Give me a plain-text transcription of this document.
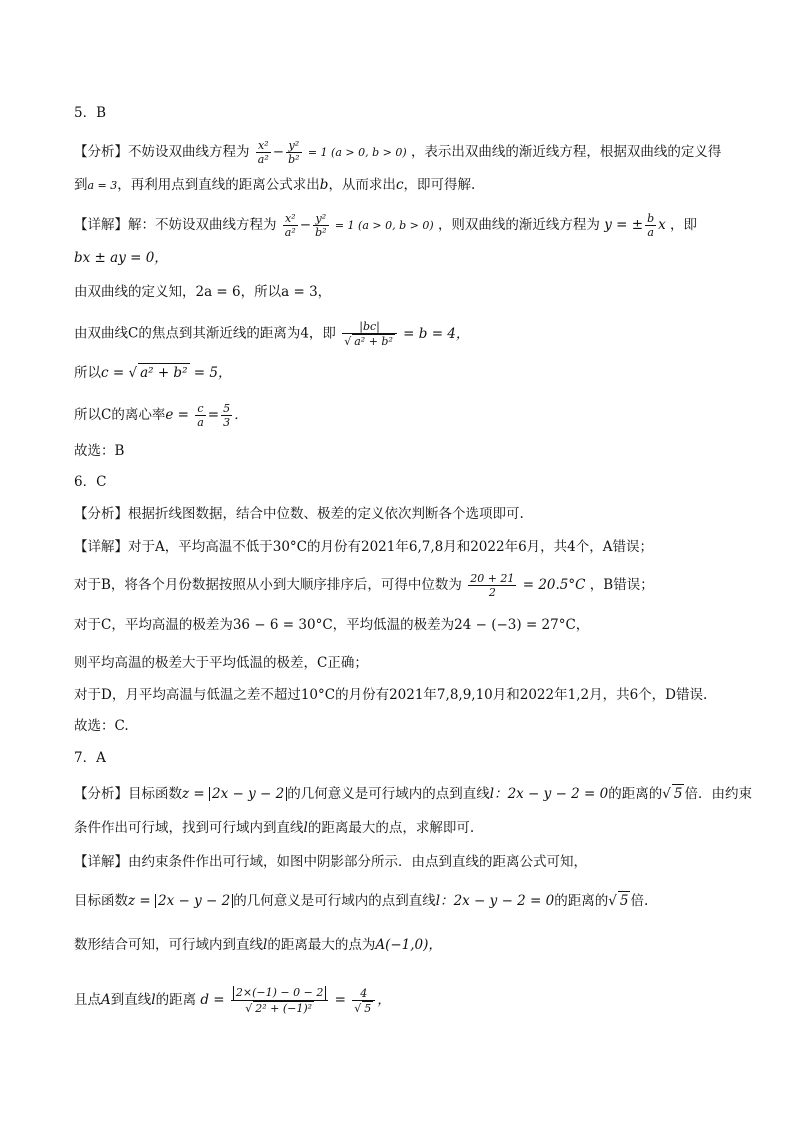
5．B
【分析】不妨设双曲线方程为 $\frac{\text{x²}}{\text{a²}} - \frac{\text{y²}}{\text{b²}} = 1$ (a > 0, b > 0) ，表示出双曲线的渐近线方程，根据双曲线的定义得
到a = 3，再利用点到直线的距离公式求出b，从而求出c，即可得解.
【详解】解：不妨设双曲线方程为 $\frac{\text{x²}}{\text{a²}} - \frac{\text{y²}}{\text{b²}} = 1$ (a > 0, b > 0) ，则双曲线的渐近线方程为 y = ± $\frac{b}{a}$ x ，即
bx ± ay = 0，
由双曲线的定义知，2a = 6，所以a = 3，
由双曲线C的焦点到其渐近线的距离为4，即 $\frac{|bc|}{\text{√ a² + b²}} = b = 4$，
所以c = √ a² + b² = 5，
所以C的离心率$e = \frac{c}{a} = \frac{5}{3}$ ．
故选：B
6．C
【分析】根据折线图数据，结合中位数、极差的定义依次判断各个选项即可.
【详解】对于A，平均高温不低于30°C的月份有2021年6,7,8月和2022年6月，共4个，A错误；
对于B，将各个月份数据按照从小到大顺序排序后，可得中位数为 $\frac{20 + 21}{2} = 20.5^\circ C$ ，B错误；
对于C，平均高温的极差为36 − 6 = 30°C，平均低温的极差为24 − (−3) = 27°C，
则平均高温的极差大于平均低温的极差，C正确；
对于D，月平均高温与低温之差不超过10°C的月份有2021年7,8,9,10月和2022年1,2月，共6个，D错误.
故选：C.
7．A
【分析】目标函数z = 2x − y − 2 的几何意义是可行域内的点到直线l：2x − y − 2 = 0的距离的√ 5 倍．由约束
条件作出可行域，找到可行域内到直线l的距离最大的点，求解即可.
【详解】由约束条件作出可行域，如图中阴影部分所示．由点到直线的距离公式可知，
目标函数z = 2x − y − 2 的几何意义是可行域内的点到直线l：2x − y − 2 = 0的距离的√ 5 倍.
数形结合可知，可行域内到直线l的距离最大的点为A(−1,0)，
且点A到直线l的距离 $d = \frac{2\times(-1) - 0 - 2}{\text{√ 2² + (−1)²}} = \frac{4}{√ 5}$ ，
